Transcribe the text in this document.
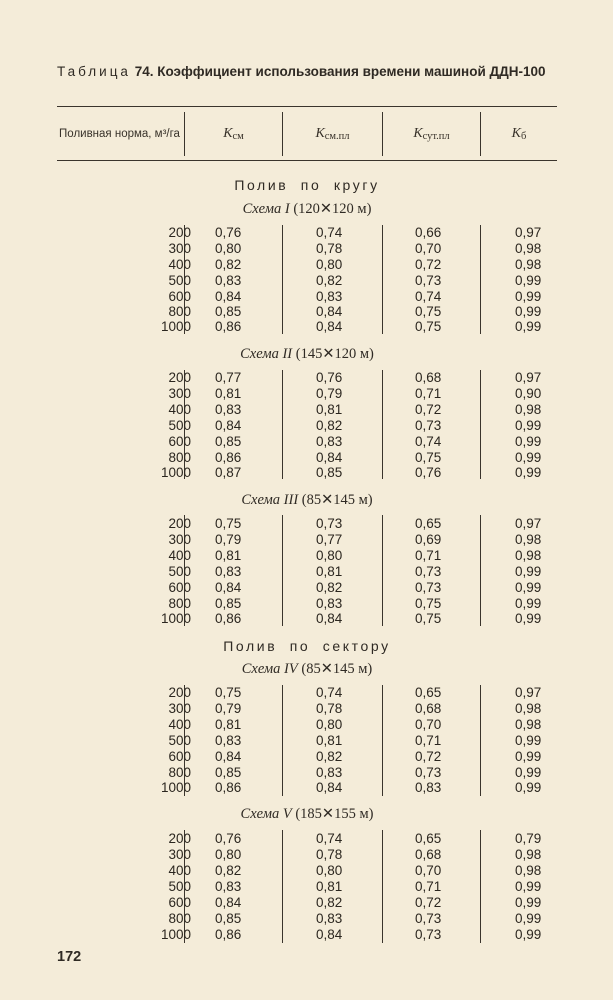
Таблица 74. Коэффициент использования времени машиной ДДН-100
Поливная норма, м³/га	$К_{см}$	$К_{см.пл}$	$К_{сут.пл}$	$К_б$
Полив по кругу
Схема I (120✕120 м)
Схема II (145✕120 м)
Схема III (85✕145 м)
Полив по сектору
Схема IV (85✕145 м)
Схема V (185✕155 м)
200 0,76	0,74	0,66	0,97
300 0,80	0,78	0,70	0,98
400 0,82	0,80	0,72	0,98
500 0,83	0,82	0,73	0,99
600 0,84	0,83	0,74	0,99
800 0,85	0,84	0,75	0,99
1000 0,86	0,84	0,75	0,99
200 0,77	0,76	0,68	0,97
300 0,81	0,79	0,71	0,90
400 0,83	0,81	0,72	0,98
500 0,84	0,82	0,73	0,99
600 0,85	0,83	0,74	0,99
800 0,86	0,84	0,75	0,99
1000 0,87	0,85	0,76	0,99
200 0,75	0,73	0,65	0,97
300 0,79	0,77	0,69	0,98
400 0,81	0,80	0,71	0,98
500 0,83	0,81	0,73	0,99
600 0,84	0,82	0,73	0,99
800 0,85	0,83	0,75	0,99
1000 0,86	0,84	0,75	0,99
200 0,75	0,74	0,65	0,97
300 0,79	0,78	0,68	0,98
400 0,81	0,80	0,70	0,98
500 0,83	0,81	0,71	0,99
600 0,84	0,82	0,72	0,99
800 0,85	0,83	0,73	0,99
1000 0,86	0,84	0,83	0,99
200 0,76	0,74	0,65	0,79
300 0,80	0,78	0,68	0,98
400 0,82	0,80	0,70	0,98
500 0,83	0,81	0,71	0,99
600 0,84	0,82	0,72	0,99
800 0,85	0,83	0,73	0,99
1000 0,86	0,84	0,73	0,99
172
